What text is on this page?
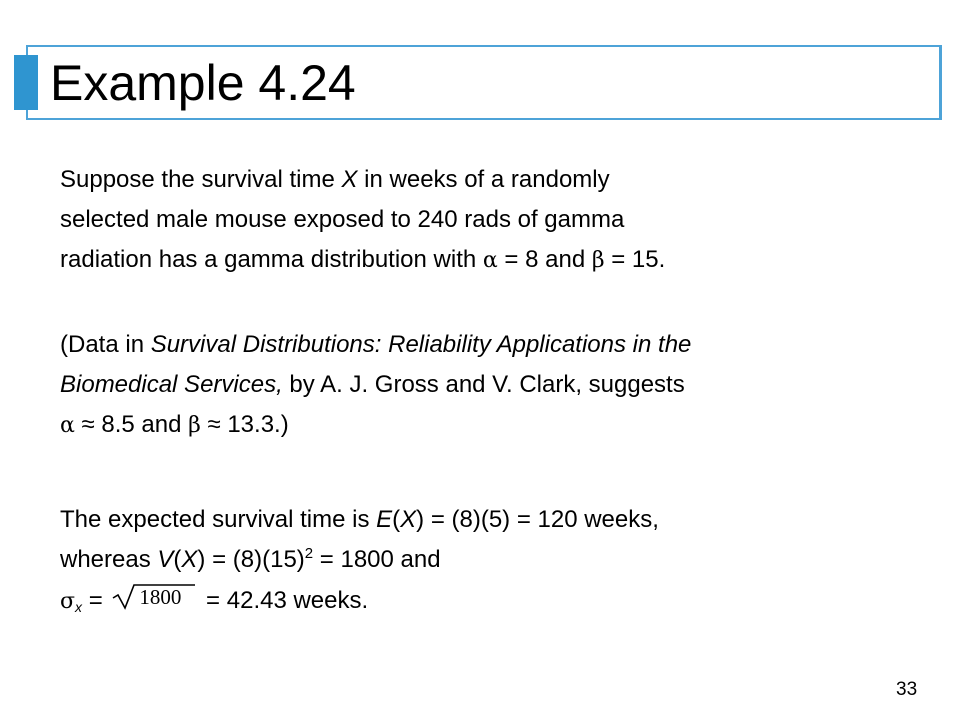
Example 4.24

Suppose the survival time X in weeks of a randomly
selected male mouse exposed to 240 rads of gamma
radiation has a gamma distribution with α = 8 and β = 15.

(Data in Survival Distributions: Reliability Applications in the
Biomedical Services, by A. J. Gross and V. Clark, suggests
α ≈ 8.5 and β ≈ 13.3.)

The expected survival time is E(X) = (8)(5) = 120 weeks,
whereas $V(X) = (8)(15)^2 = 1800$ and
$\sigma_x = 1800 = 42.43$ weeks.

33
